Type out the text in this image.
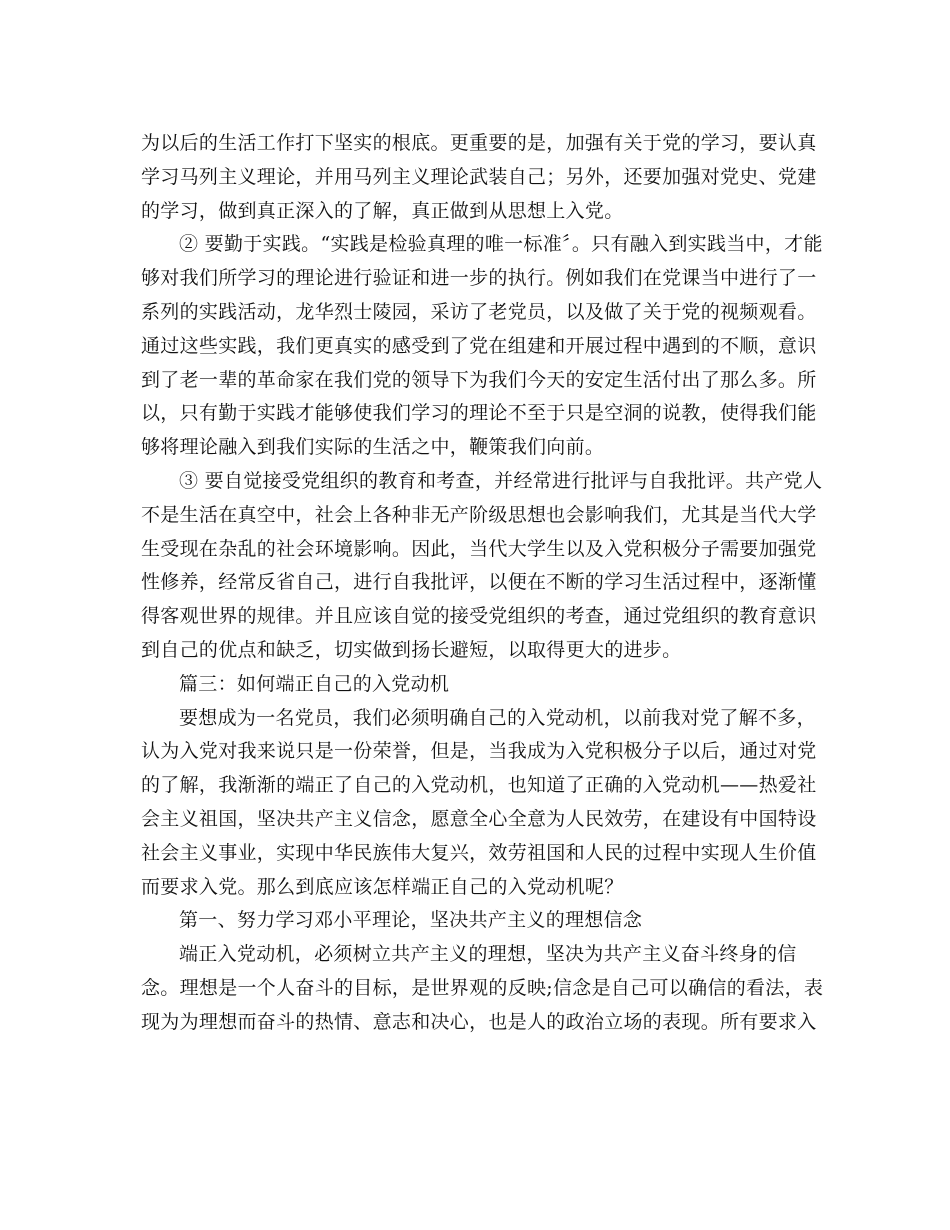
为以后的生活工作打下坚实的根底。更重要的是，加强有关于党的学习，要认真
学习马列主义理论，并用马列主义理论武装自己；另外，还要加强对党史、党建
的学习，做到真正深入的了解，真正做到从思想上入党。
② 要勤于实践。“实践是检验真理的唯一标准〞。只有融入到实践当中，才能
够对我们所学习的理论进行验证和进一步的执行。例如我们在党课当中进行了一
系列的实践活动，龙华烈士陵园，采访了老党员，以及做了关于党的视频观看。
通过这些实践，我们更真实的感受到了党在组建和开展过程中遇到的不顺，意识
到了老一辈的革命家在我们党的领导下为我们今天的安定生活付出了那么多。所
以，只有勤于实践才能够使我们学习的理论不至于只是空洞的说教，使得我们能
够将理论融入到我们实际的生活之中，鞭策我们向前。
③ 要自觉接受党组织的教育和考查，并经常进行批评与自我批评。共产党人
不是生活在真空中，社会上各种非无产阶级思想也会影响我们，尤其是当代大学
生受现在杂乱的社会环境影响。因此，当代大学生以及入党积极分子需要加强党
性修养，经常反省自己，进行自我批评，以便在不断的学习生活过程中，逐渐懂
得客观世界的规律。并且应该自觉的接受党组织的考查，通过党组织的教育意识
到自己的优点和缺乏，切实做到扬长避短，以取得更大的进步。
篇三：如何端正自己的入党动机
要想成为一名党员，我们必须明确自己的入党动机，以前我对党了解不多，
认为入党对我来说只是一份荣誉，但是，当我成为入党积极分子以后，通过对党
的了解，我渐渐的端正了自己的入党动机，也知道了正确的入党动机——热爱社
会主义祖国，坚决共产主义信念，愿意全心全意为人民效劳，在建设有中国特设
社会主义事业，实现中华民族伟大复兴，效劳祖国和人民的过程中实现人生价值
而要求入党。那么到底应该怎样端正自己的入党动机呢？
第一、努力学习邓小平理论，坚决共产主义的理想信念
端正入党动机，必须树立共产主义的理想，坚决为共产主义奋斗终身的信
念。理想是一个人奋斗的目标，是世界观的反映;信念是自己可以确信的看法，表
现为为理想而奋斗的热情、意志和决心，也是人的政治立场的表现。所有要求入
